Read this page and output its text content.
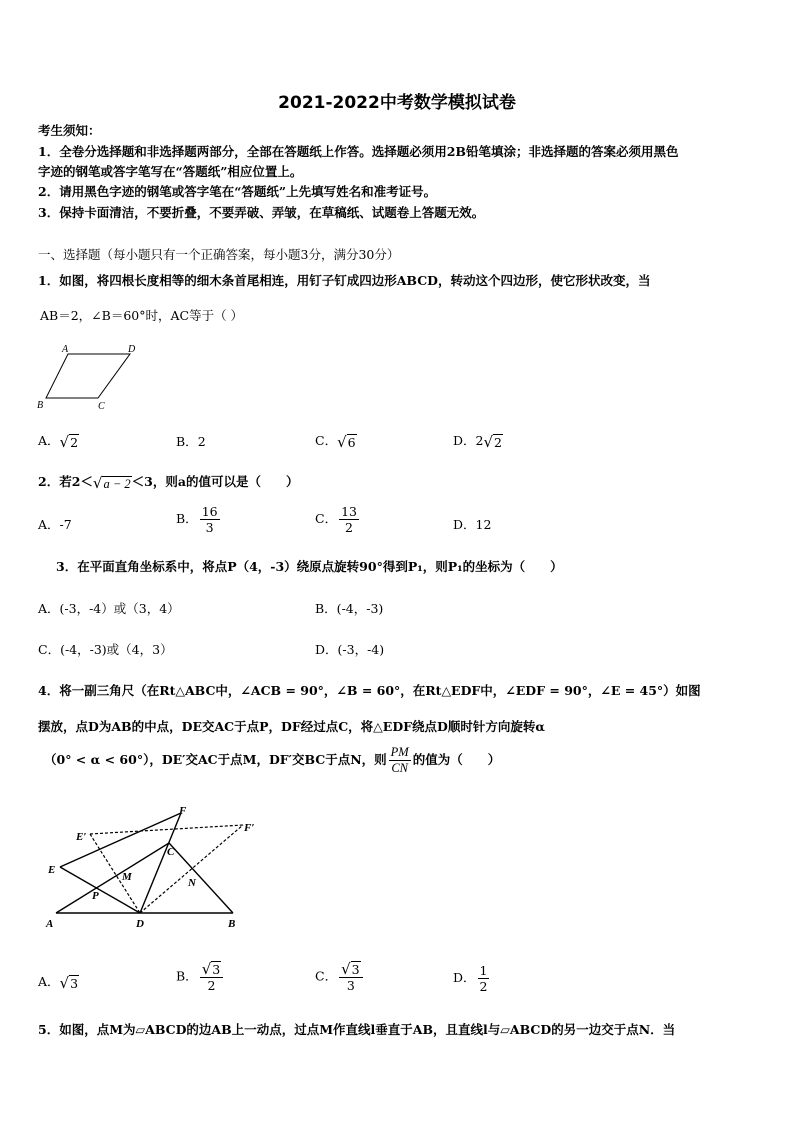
2021-2022中考数学模拟试卷
考生须知：
1．全卷分选择题和非选择题两部分，全部在答题纸上作答。选择题必须用2B铅笔填涂；非选择题的答案必须用黑色
字迹的钢笔或答字笔写在“答题纸”相应位置上。
2．请用黑色字迹的钢笔或答字笔在“答题纸”上先填写姓名和准考证号。
3．保持卡面清洁，不要折叠，不要弄破、弄皱，在草稿纸、试题卷上答题无效。
一、选择题（每小题只有一个正确答案，每小题3分，满分30分）
1．如图，将四根长度相等的细木条首尾相连，用钉子钉成四边形ABCD，转动这个四边形，使它形状改变，当
AB＝2，∠B＝60°时，AC等于（ ）
A	D
B	C
A．√2	B．2	C．√6	D．2√2
2．若2＜√a − 2＜3，则a的值可以是（　　）
A．-7	B． $\frac{16}{3}$	C． $\frac{13}{2}$	D．12
3．在平面直角坐标系中，将点P（4，-3）绕原点旋转90°得到P₁，则P₁的坐标为（　　）
A．(-3，-4）或（3，4）	B．(-4，-3)
C．(-4，-3)或（4，3）	D．(-3，-4)
4．将一副三角尺（在Rt△ABC中，∠ACB = 90°，∠B = 60°，在Rt△EDF中，∠EDF = 90°，∠E = 45°）如图
摆放，点D为AB的中点，DE交AC于点P，DF经过点C，将△EDF绕点D顺时针方向旋转α
（0° < α < 60°），DE′交AC于点M，DF′交BC于点N，则 $\frac{PM}{CN}$ 的值为（　　）
F
E′
F′
C
E
M	N
P
A	D	B
A．√3	B． $\frac{√3}{2}$	C． $\frac{√3}{3}$	D． $\frac{1}{2}$
5．如图，点M为▱ABCD的边AB上一动点，过点M作直线l垂直于AB，且直线l与▱ABCD的另一边交于点N．当
